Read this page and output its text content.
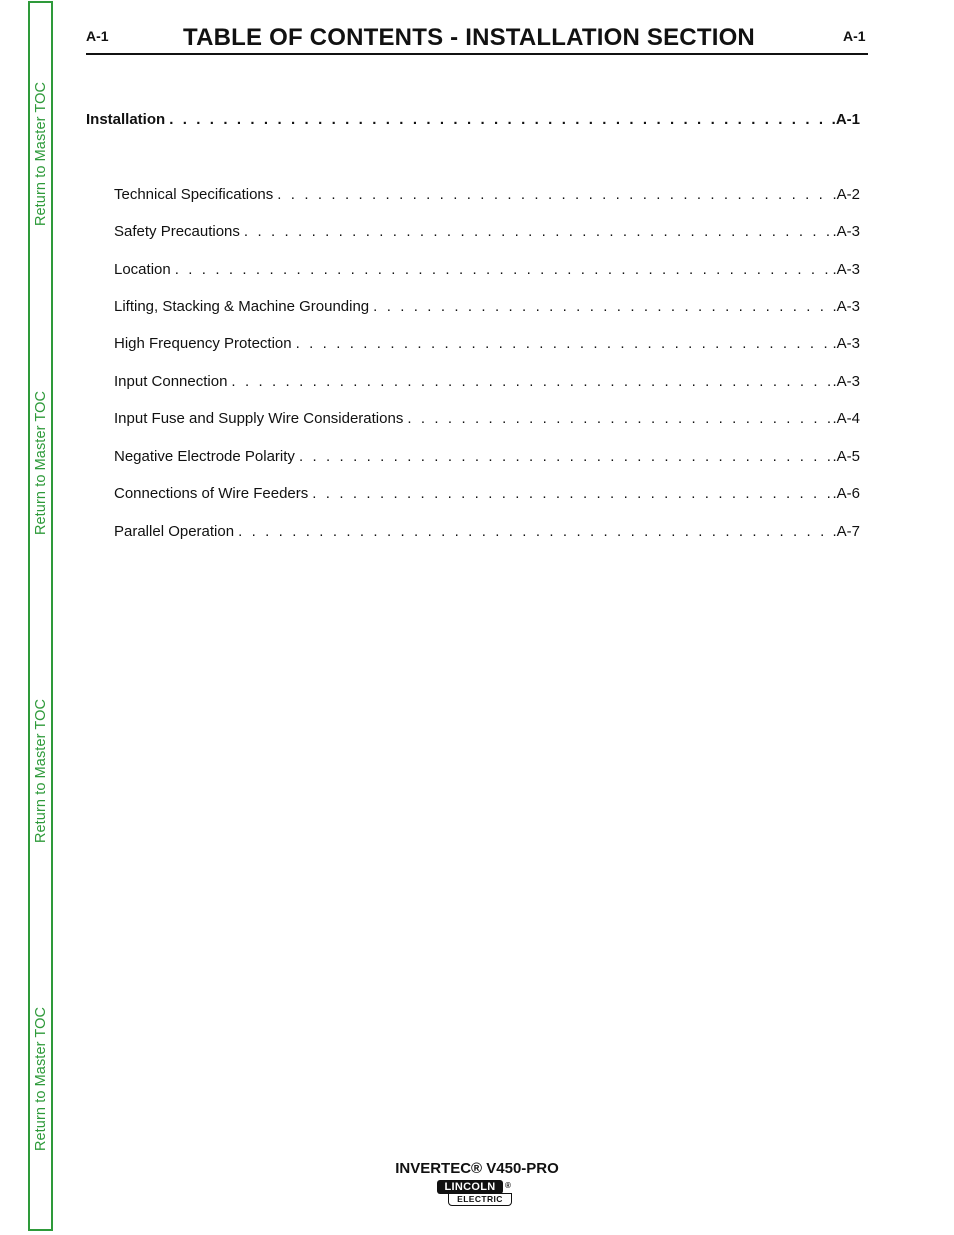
Return to Master TOC
Return to Master TOC
Return to Master TOC
Return to Master TOC
A-1	TABLE OF CONTENTS - INSTALLATION SECTION	A-1
Installation . . .	.A-1
Technical Specifications . . .	.A-2
Safety Precautions . . .	.A-3
Location . . .	.A-3
Lifting, Stacking & Machine Grounding . . .	.A-3
High Frequency Protection . . .	.A-3
Input Connection . . .	.A-3
Input Fuse and Supply Wire Considerations . . .	.A-4
Negative Electrode Polarity . . .	.A-5
Connections of Wire Feeders . . .	.A-6
Parallel Operation . . .	.A-7
INVERTEC® V450-PRO
LINCOLN
ELECTRIC
®
